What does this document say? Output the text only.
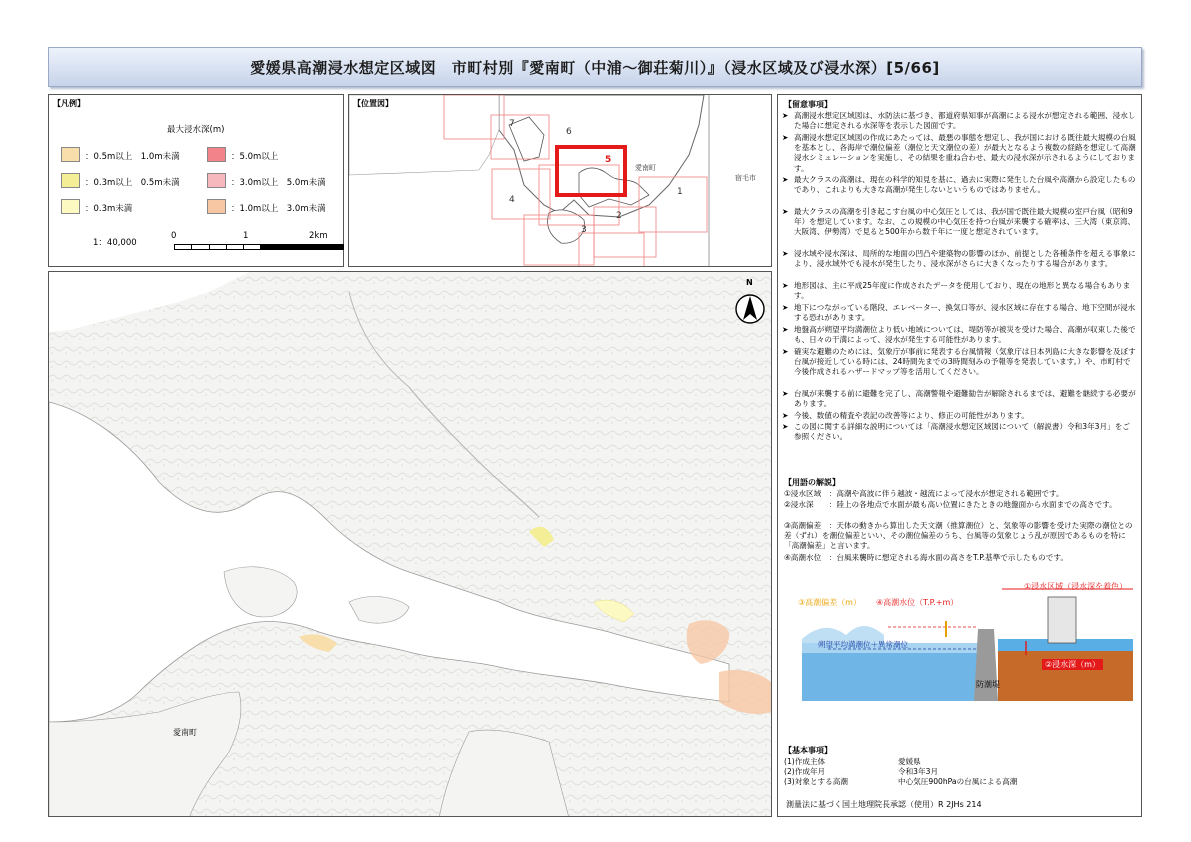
愛媛県高潮浸水想定区域図　市町村別『愛南町（中浦～御荘菊川）』（浸水区域及び浸水深）[5/66]
【凡例】
最大浸水深(m)
：0.5m以上　1.0m未満
：0.3m以上　0.5m未満
：0.3m未満
：5.0m以上
：3.0m以上　5.0m未満
：1.0m以上　3.0m未満
1：40,000
0	1	2km
【位置図】
7
6
5
4
3
2
1
愛南町
宿毛市
N
愛南町
【留意事項】
➤ 高潮浸水想定区域図は、水防法に基づき、都道府県知事が高潮による浸水が想定される範囲、浸水した場合に想定される水深等を表示した図面です。
➤ 高潮浸水想定区域図の作成にあたっては、最悪の事態を想定し、我が国における既往最大規模の台風を基本とし、各海岸で潮位偏差（潮位と天文潮位の差）が最大となるよう複数の経路を想定して高潮浸水シミュレーションを実施し、その結果を重ね合わせ、最大の浸水深が示されるようにしております。
➤ 最大クラスの高潮は、現在の科学的知見を基に、過去に実際に発生した台風や高潮から設定したものであり、これよりも大きな高潮が発生しないというものではありません。
➤ 最大クラスの高潮を引き起こす台風の中心気圧としては、我が国で既往最大規模の室戸台風（昭和9年）を想定しています。なお、この規模の中心気圧を持つ台風が来襲する確率は、三大湾（東京湾、大阪湾、伊勢湾）で見ると500年から数千年に一度と想定されています。
➤ 浸水域や浸水深は、局所的な地面の凹凸や建築物の影響のほか、前提とした各種条件を超える事象により、浸水域外でも浸水が発生したり、浸水深がさらに大きくなったりする場合があります。
➤ 地形図は、主に平成25年度に作成されたデータを使用しており、現在の地形と異なる場合もあります。
➤ 地下につながっている階段、エレベーター、換気口等が、浸水区域に存在する場合、地下空間が浸水する恐れがあります。
➤ 地盤高が朔望平均満潮位より低い地域については、堤防等が被災を受けた場合、高潮が収束した後でも、日々の干満によって、浸水が発生する可能性があります。
➤ 確実な避難のためには、気象庁が事前に発表する台風情報（気象庁は日本列島に大きな影響を及ぼす台風が接近している時には、24時間先までの3時間刻みの予報等を発表しています。）や、市町村で今後作成されるハザードマップ等を活用してください。
➤ 台風が来襲する前に避難を完了し、高潮警報や避難勧告が解除されるまでは、避難を継続する必要があります。
➤ 今後、数値の精査や表記の改善等により、修正の可能性があります。
➤ この図に関する詳細な説明については「高潮浸水想定区域図について（解説書）令和3年3月」をご参照ください。
【用語の解説】
①浸水区域　：高潮や高波に伴う越波・越流によって浸水が想定される範囲です。
②浸水深　　：陸上の各地点で水面が最も高い位置にきたときの地盤面から水面までの高さです。
③高潮偏差　：天体の動きから算出した天文潮（推算潮位）と、気象等の影響を受けた実際の潮位との差（ずれ）を潮位偏差といい、その潮位偏差のうち、台風等の気象じょう乱が原因であるものを特に「高潮偏差」と言います。
④高潮水位　：台風来襲時に想定される海水面の高さをT.P.基準で示したものです。
①浸水区域（浸水深を着色）
③高潮偏差（m） ④高潮水位（T.P.+m）
朔望平均満潮位＋異常潮位
②浸水深（m）
防潮堤
【基本事項】
(1)作成主体	愛媛県
(2)作成年月	令和3年3月
(3)対象とする高潮	中心気圧900hPaの台風による高潮
測量法に基づく国土地理院長承認（使用）R 2JHs 214
